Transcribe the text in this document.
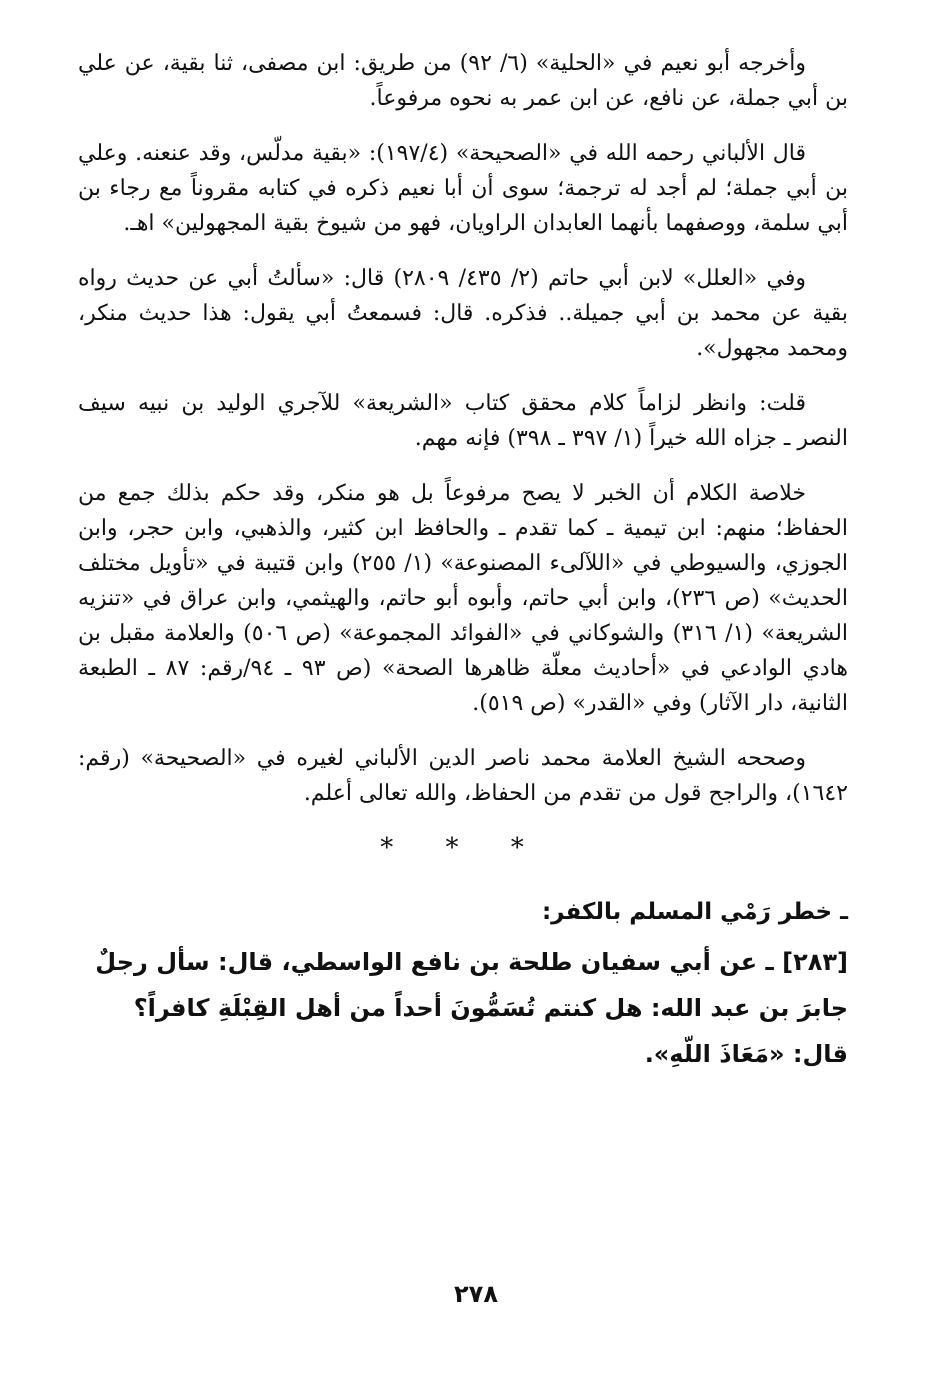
وأخرجه أبو نعيم في «الحلية» (٦/ ٩٢) من طريق: ابن مصفى، ثنا بقية، عن علي بن أبي جملة، عن نافع، عن ابن عمر به نحوه مرفوعاً.

قال الألباني رحمه الله في «الصحيحة» (١٩٧/٤): «بقية مدلّس، وقد عنعنه. وعلي بن أبي جملة؛ لم أجد له ترجمة؛ سوى أن أبا نعيم ذكره في كتابه مقروناً مع رجاء بن أبي سلمة، ووصفهما بأنهما العابدان الراويان، فهو من شيوخ بقية المجهولين» اهـ.

وفي «العلل» لابن أبي حاتم (٢/ ٤٣٥/ ٢٨٠٩) قال: «سألتُ أبي عن حديث رواه بقية عن محمد بن أبي جميلة.. فذكره. قال: فسمعتُ أبي يقول: هذا حديث منكر، ومحمد مجهول».

قلت: وانظر لزاماً كلام محقق كتاب «الشريعة» للآجري الوليد بن نبيه سيف النصر ـ جزاه الله خيراً (١/ ٣٩٧ ـ ٣٩٨) فإنه مهم.

خلاصة الكلام أن الخبر لا يصح مرفوعاً بل هو منكر، وقد حكم بذلك جمع من الحفاظ؛ منهم: ابن تيمية ـ كما تقدم ـ والحافظ ابن كثير، والذهبي، وابن حجر، وابن الجوزي، والسيوطي في «اللآلىء المصنوعة» (١/ ٢٥٥) وابن قتيبة في «تأويل مختلف الحديث» (ص ٢٣٦)، وابن أبي حاتم، وأبوه أبو حاتم، والهيثمي، وابن عراق في «تنزيه الشريعة» (١/ ٣١٦) والشوكاني في «الفوائد المجموعة» (ص ٥٠٦) والعلامة مقبل بن هادي الوادعي في «أحاديث معلّة ظاهرها الصحة» (ص ٩٣ ـ ٩٤/رقم: ٨٧ ـ الطبعة الثانية، دار الآثار) وفي «القدر» (ص ٥١٩).

وصححه الشيخ العلامة محمد ناصر الدين الألباني لغيره في «الصحيحة» (رقم: ١٦٤٢)، والراجح قول من تقدم من الحفاظ، والله تعالى أعلم.

* * *
ـ خطر رَمْي المسلم بالكفر:
[٢٨٣] ـ عن أبي سفيان طلحة بن نافع الواسطي، قال: سأل رجلٌ
جابرَ بن عبد الله: هل كنتم تُسَمُّونَ أحداً من أهل القِبْلَةِ كافراً؟
قال: «مَعَاذَ اللّهِ».
٢٧٨
